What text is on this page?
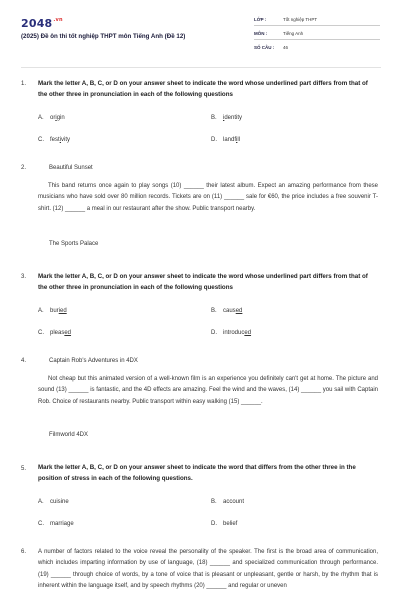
$2048^{.vn}$
(2025) Đề ôn thi tốt nghiệp THPT môn Tiếng Anh (Đề 12)
LỚP :	Tốt nghiệp THPT
MÔN :	Tiếng Anh
SỐ CÂU : 46
1. Mark the letter A, B, C, or D on your answer sheet to indicate the word whose underlined part differs from that of the other three in pronunciation in each of the following questions
A. origin	B. identity
C. festivity	D. landfill
2.	Beautiful Sunset
This band returns once again to play songs (10) ______ their latest album. Expect an amazing performance from these musicians who have sold over 80 million records. Tickets are on (11) ______ sale for €60, the price includes a free souvenir T-shirt. (12) ______ a meal in our restaurant after the show. Public transport nearby.
The Sports Palace
3. Mark the letter A, B, C, or D on your answer sheet to indicate the word whose underlined part differs from that of the other three in pronunciation in each of the following questions
A. buried	B. caused
C. pleased	D. introduced
4.	Captain Rob's Adventures in 4DX
Not cheap but this animated version of a well-known film is an experience you definitely can't get at home. The picture and sound (13) ______ is fantastic, and the 4D effects are amazing. Feel the wind and the waves, (14) ______ you sail with Captain Rob. Choice of restaurants nearby. Public transport within easy walking (15) ______.
Filmworld 4DX
5. Mark the letter A, B, C, or D on your answer sheet to indicate the word that differs from the other three in the position of stress in each of the following questions.
A. cuisine	B. account
C. marriage	D. belief
6. A number of factors related to the voice reveal the personality of the speaker. The first is the broad area of communication, which includes imparting information by use of language, (18) ______ and specialized communication through performance. (19) ______ through choice of words, by a tone of voice that is pleasant or unpleasant, gentle or harsh, by the rhythm that is inherent within the language itself, and by speech rhythms (20) ______ and regular or uneven
